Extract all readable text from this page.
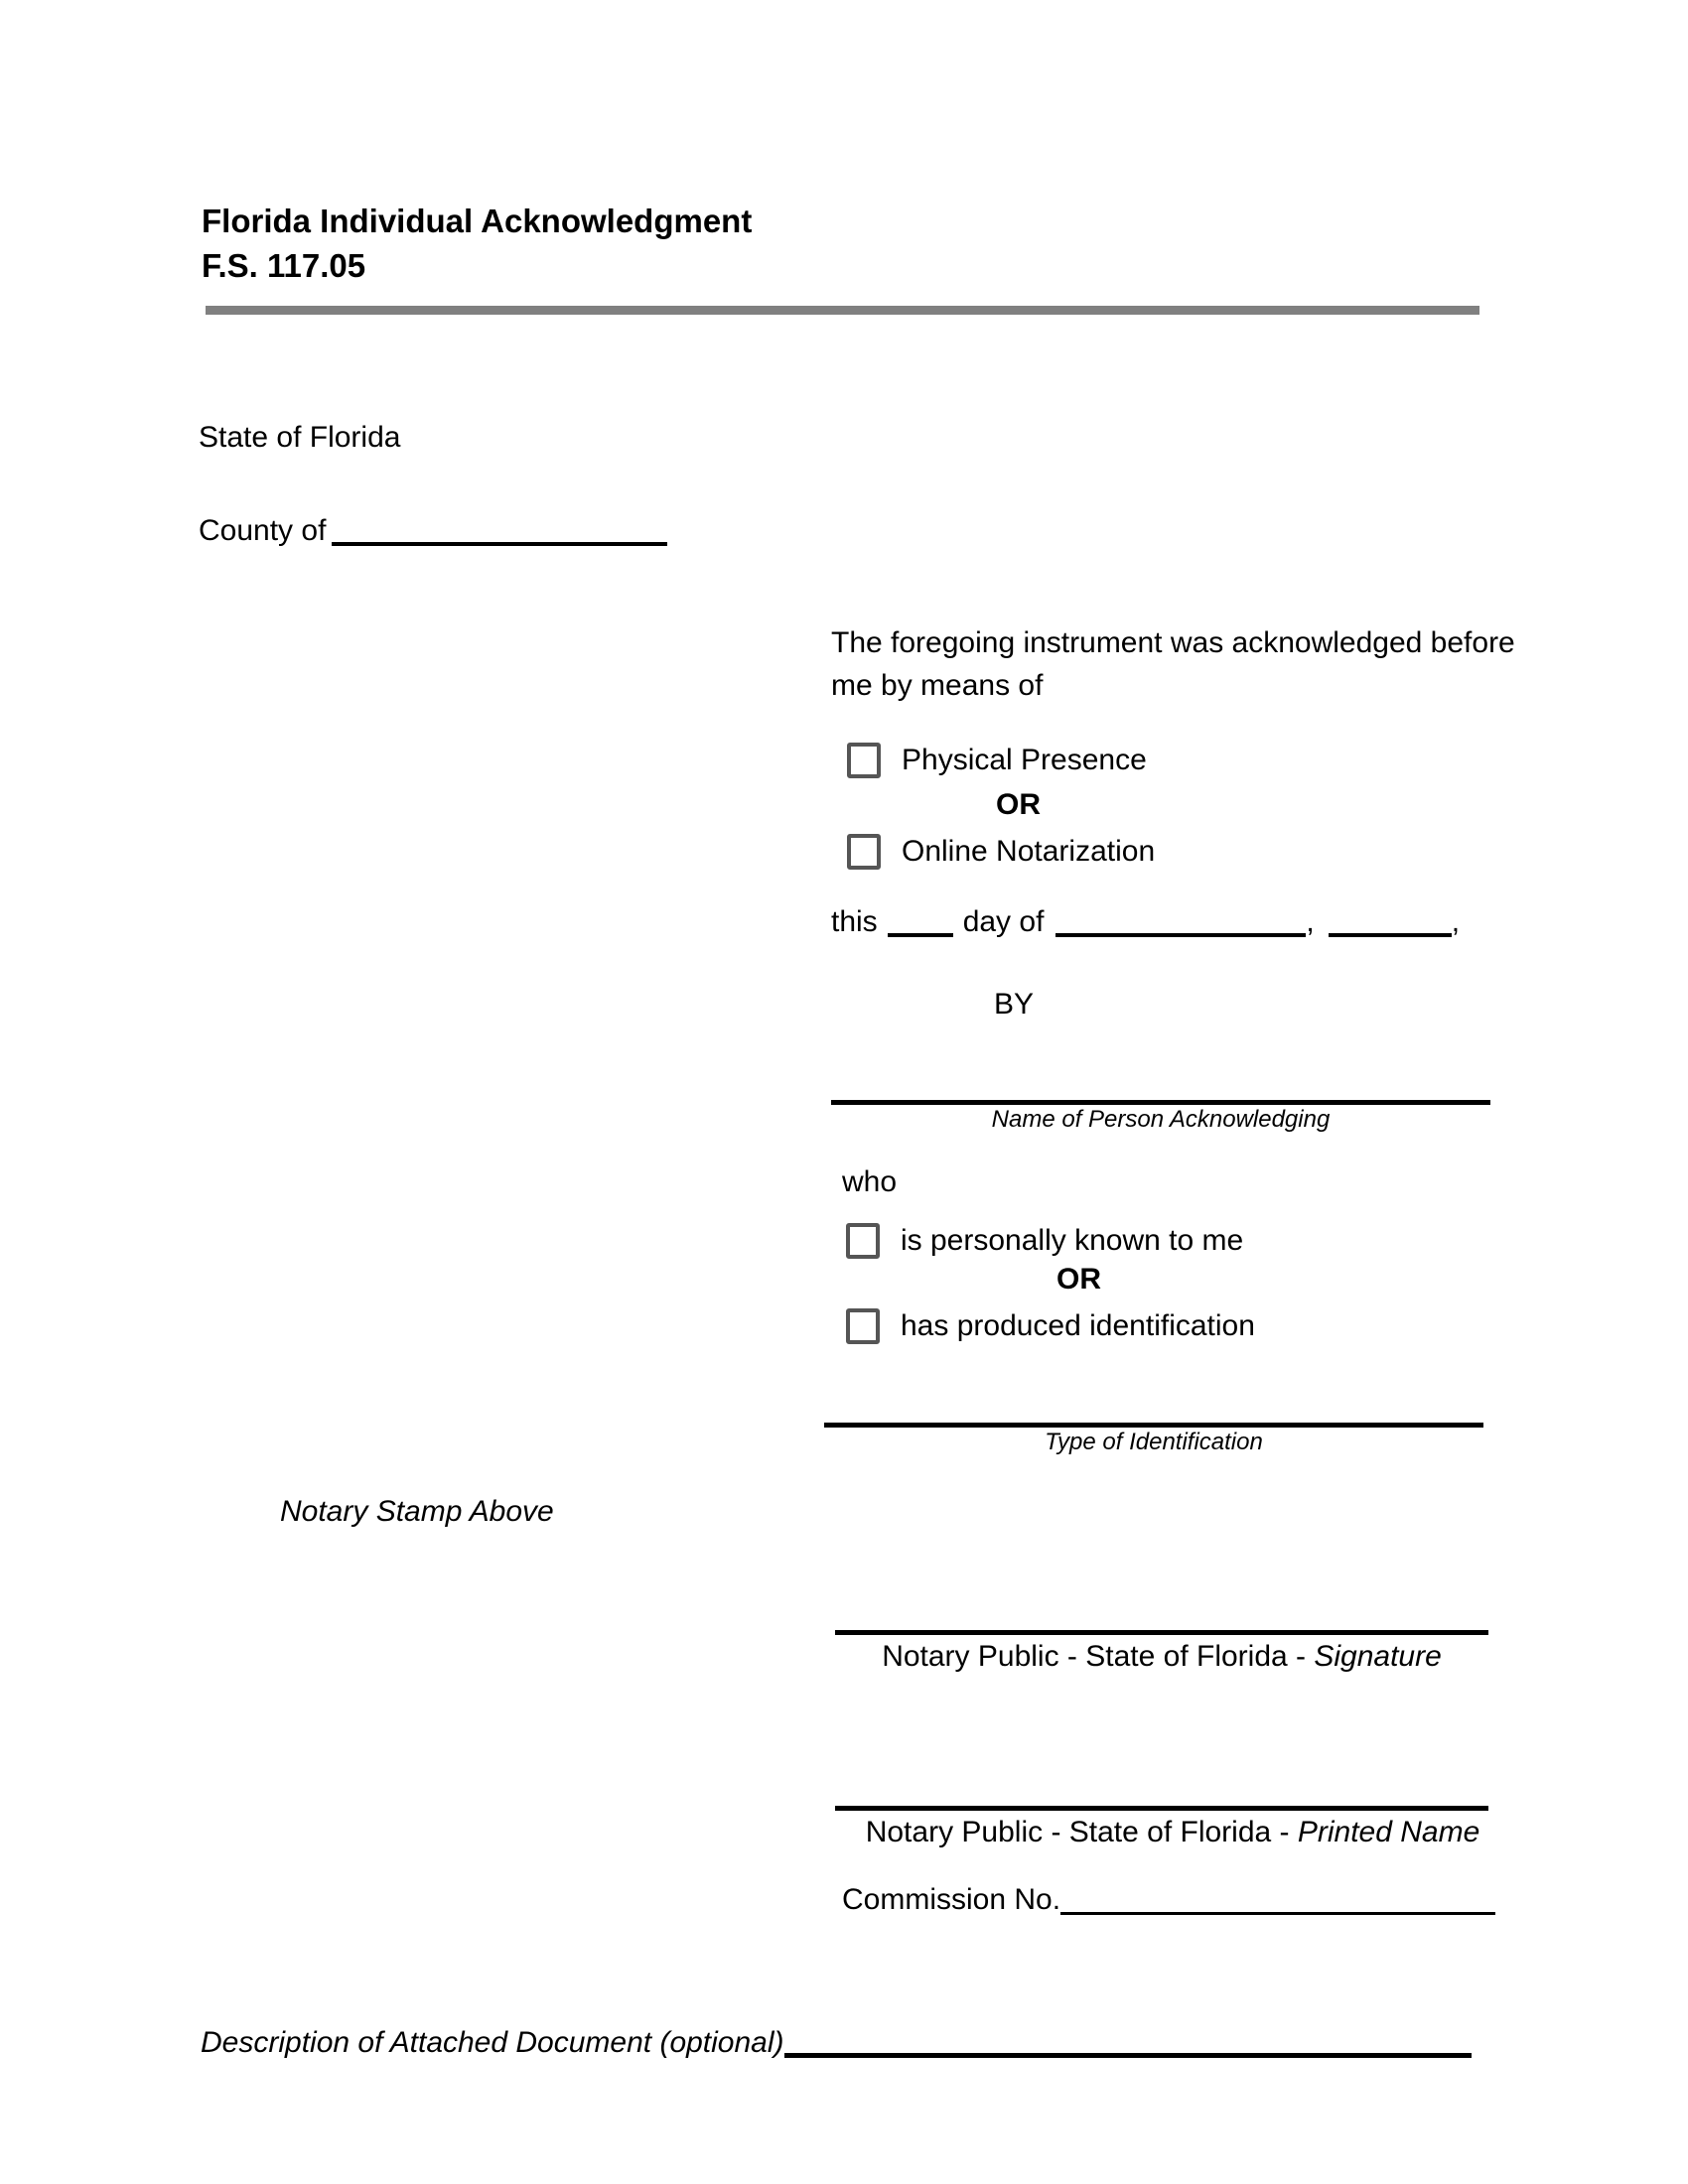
Florida Individual Acknowledgment
F.S. 117.05
State of Florida
County of
The foregoing instrument was acknowledged before me by means of
Physical Presence
OR
Online Notarization
this	day of	,	,
BY
Name of Person Acknowledging
who
is personally known to me
OR
has produced identification
Type of Identification
Notary Stamp Above
Notary Public - State of Florida - Signature
Notary Public - State of Florida - Printed Name
Commission No.
Description of Attached Document (optional)
